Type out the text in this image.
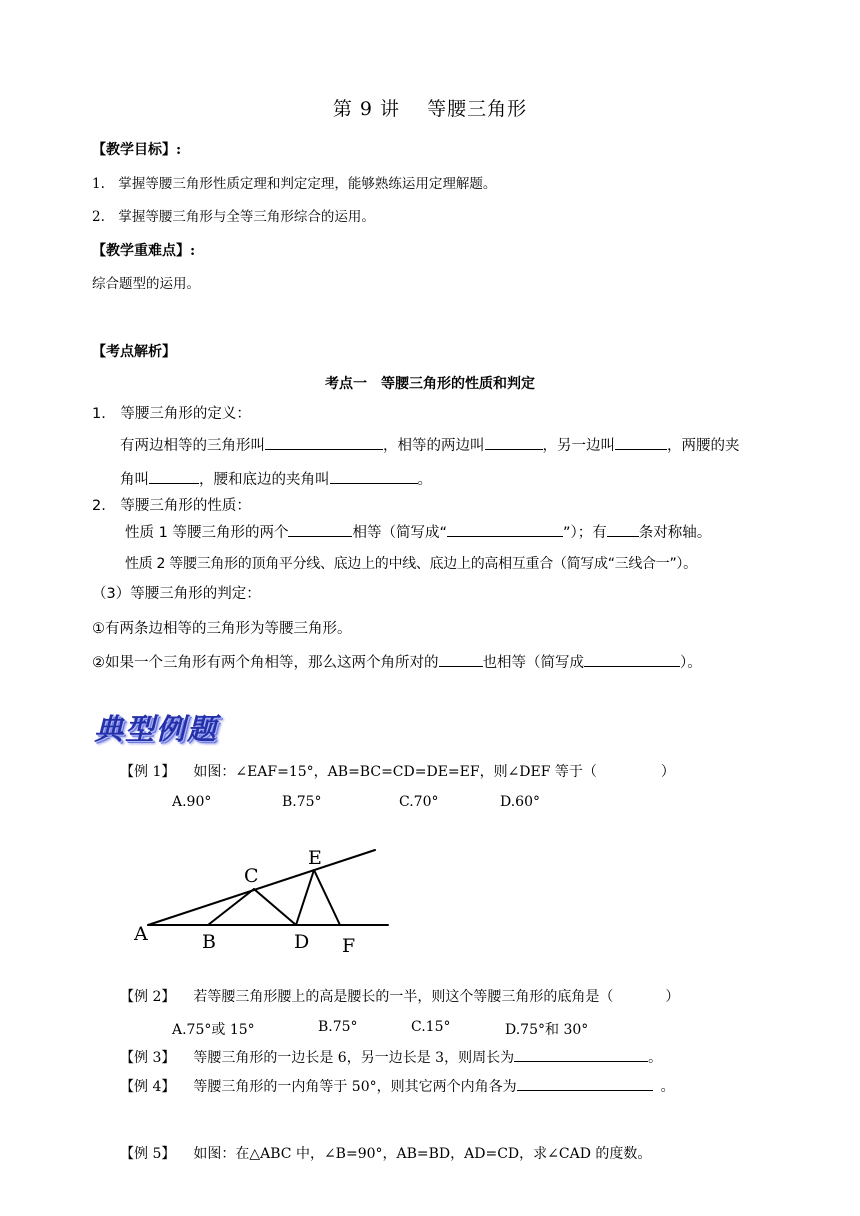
第 9 讲　 等腰三角形
【教学目标】:
1.　掌握等腰三角形性质定理和判定定理，能够熟练运用定理解题。
2.　掌握等腰三角形与全等三角形综合的运用。
【教学重难点】:
综合题型的运用。
【考点解析】
考点一　等腰三角形的性质和判定
1.　等腰三角形的定义：
有两边相等的三角形叫	，相等的两边叫	，另一边叫	，两腰的夹
角叫	，腰和底边的夹角叫	。
2.　等腰三角形的性质：
性质 1 等腰三角形的两个	相等（简写成“	”）；有 条对称轴。
性质 2 等腰三角形的顶角平分线、底边上的中线、底边上的高相互重合（简写成“三线合一”）。
（3）等腰三角形的判定：
①有两条边相等的三角形为等腰三角形。
②如果一个三角形有两个角相等，那么这两个角所对的	也相等（简写成	）。
典型例题
【例 1】 如图：∠EAF=15°，AB=BC=CD=DE=EF，则∠DEF 等于（	）
A.90°	B.75°	C.70°	D.60°
A	B
C
D
E
F
【例 2】 若等腰三角形腰上的高是腰长的一半，则这个等腰三角形的底角是（	）
A.75°或 15°	B.75°	C.15°	D.75°和 30°
【例 3】 等腰三角形的一边长是 6，另一边长是 3，则周长为	。
【例 4】 等腰三角形的一内角等于 50°，则其它两个内角各为	。
【例 5】 如图：在△ABC 中，∠B=90°，AB=BD，AD=CD，求∠CAD 的度数。
